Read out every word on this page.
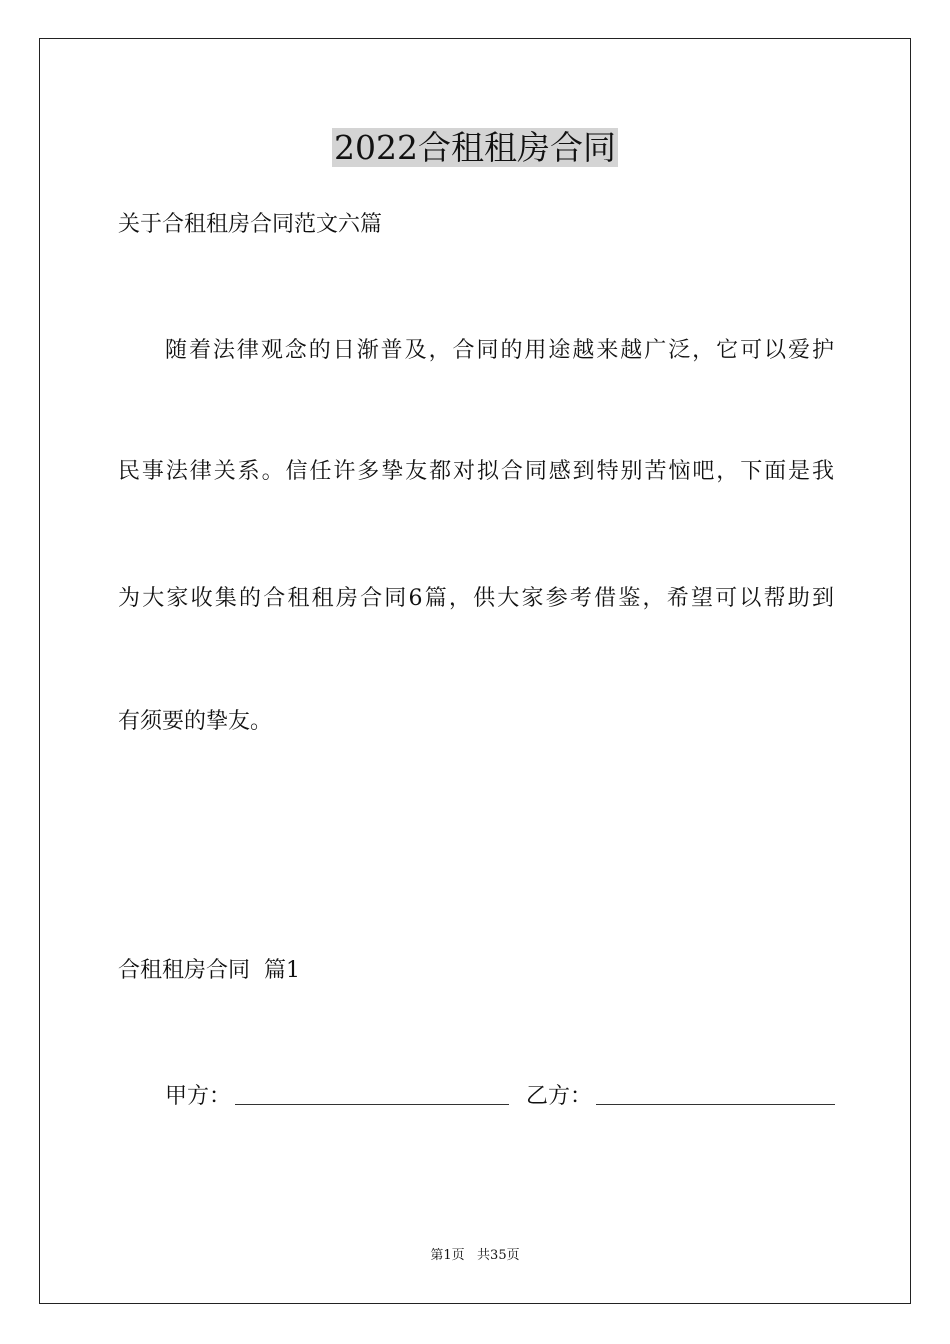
2022合租租房合同
关于合租租房合同范文六篇
随着法律观念的日渐普及，合同的用途越来越广泛，它可以爱护
民事法律关系。信任许多挚友都对拟合同感到特别苦恼吧，下面是我
为大家收集的合租租房合同6篇，供大家参考借鉴，希望可以帮助到
有须要的挚友。
合租租房合同  篇1
甲方：	乙方：
第1页   共35页
